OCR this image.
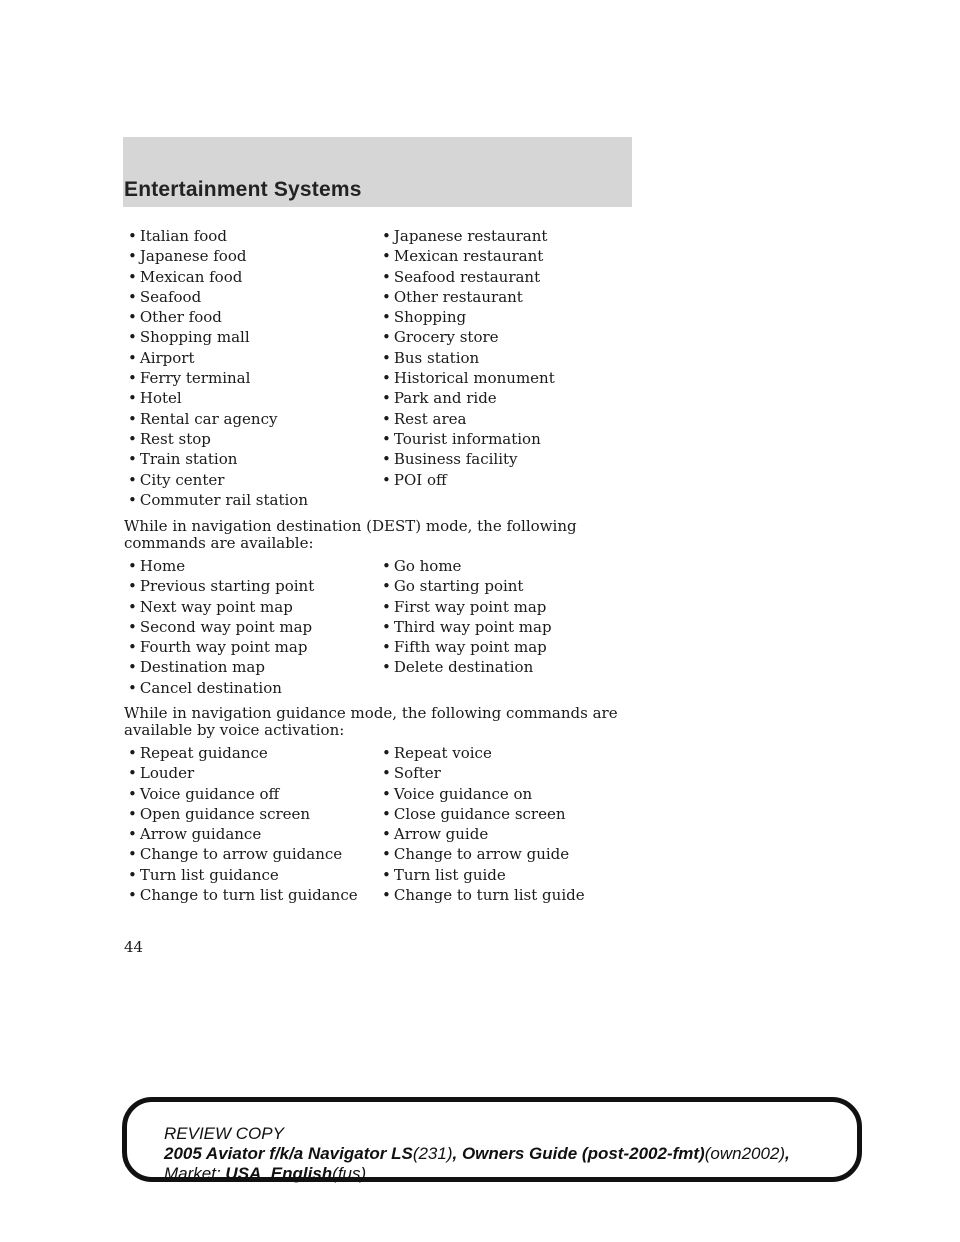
Entertainment Systems
• Italian food	• Japanese restaurant
• Japanese food	• Mexican restaurant
• Mexican food	• Seafood restaurant
• Seafood	• Other restaurant
• Other food	• Shopping
• Shopping mall	• Grocery store
• Airport	• Bus station
• Ferry terminal	• Historical monument
• Hotel	• Park and ride
• Rental car agency	• Rest area
• Rest stop	• Tourist information
• Train station	• Business facility
• City center	• POI off
• Commuter rail station

While in navigation destination (DEST) mode, the following commands are available:

• Home	• Go home
• Previous starting point	• Go starting point
• Next way point map	• First way point map
• Second way point map	• Third way point map
• Fourth way point map	• Fifth way point map
• Destination map	• Delete destination
• Cancel destination

While in navigation guidance mode, the following commands are available by voice activation:

• Repeat guidance	• Repeat voice
• Louder	• Softer
• Voice guidance off	• Voice guidance on
• Open guidance screen	• Close guidance screen
• Arrow guidance	• Arrow guide
• Change to arrow guidance	• Change to arrow guide
• Turn list guidance	• Turn list guide
• Change to turn list guidance	• Change to turn list guide
44
REVIEW COPY
2005 Aviator f/k/a Navigator LS(231), Owners Guide (post-2002-fmt)(own2002),
Market: USA_English(fus)
